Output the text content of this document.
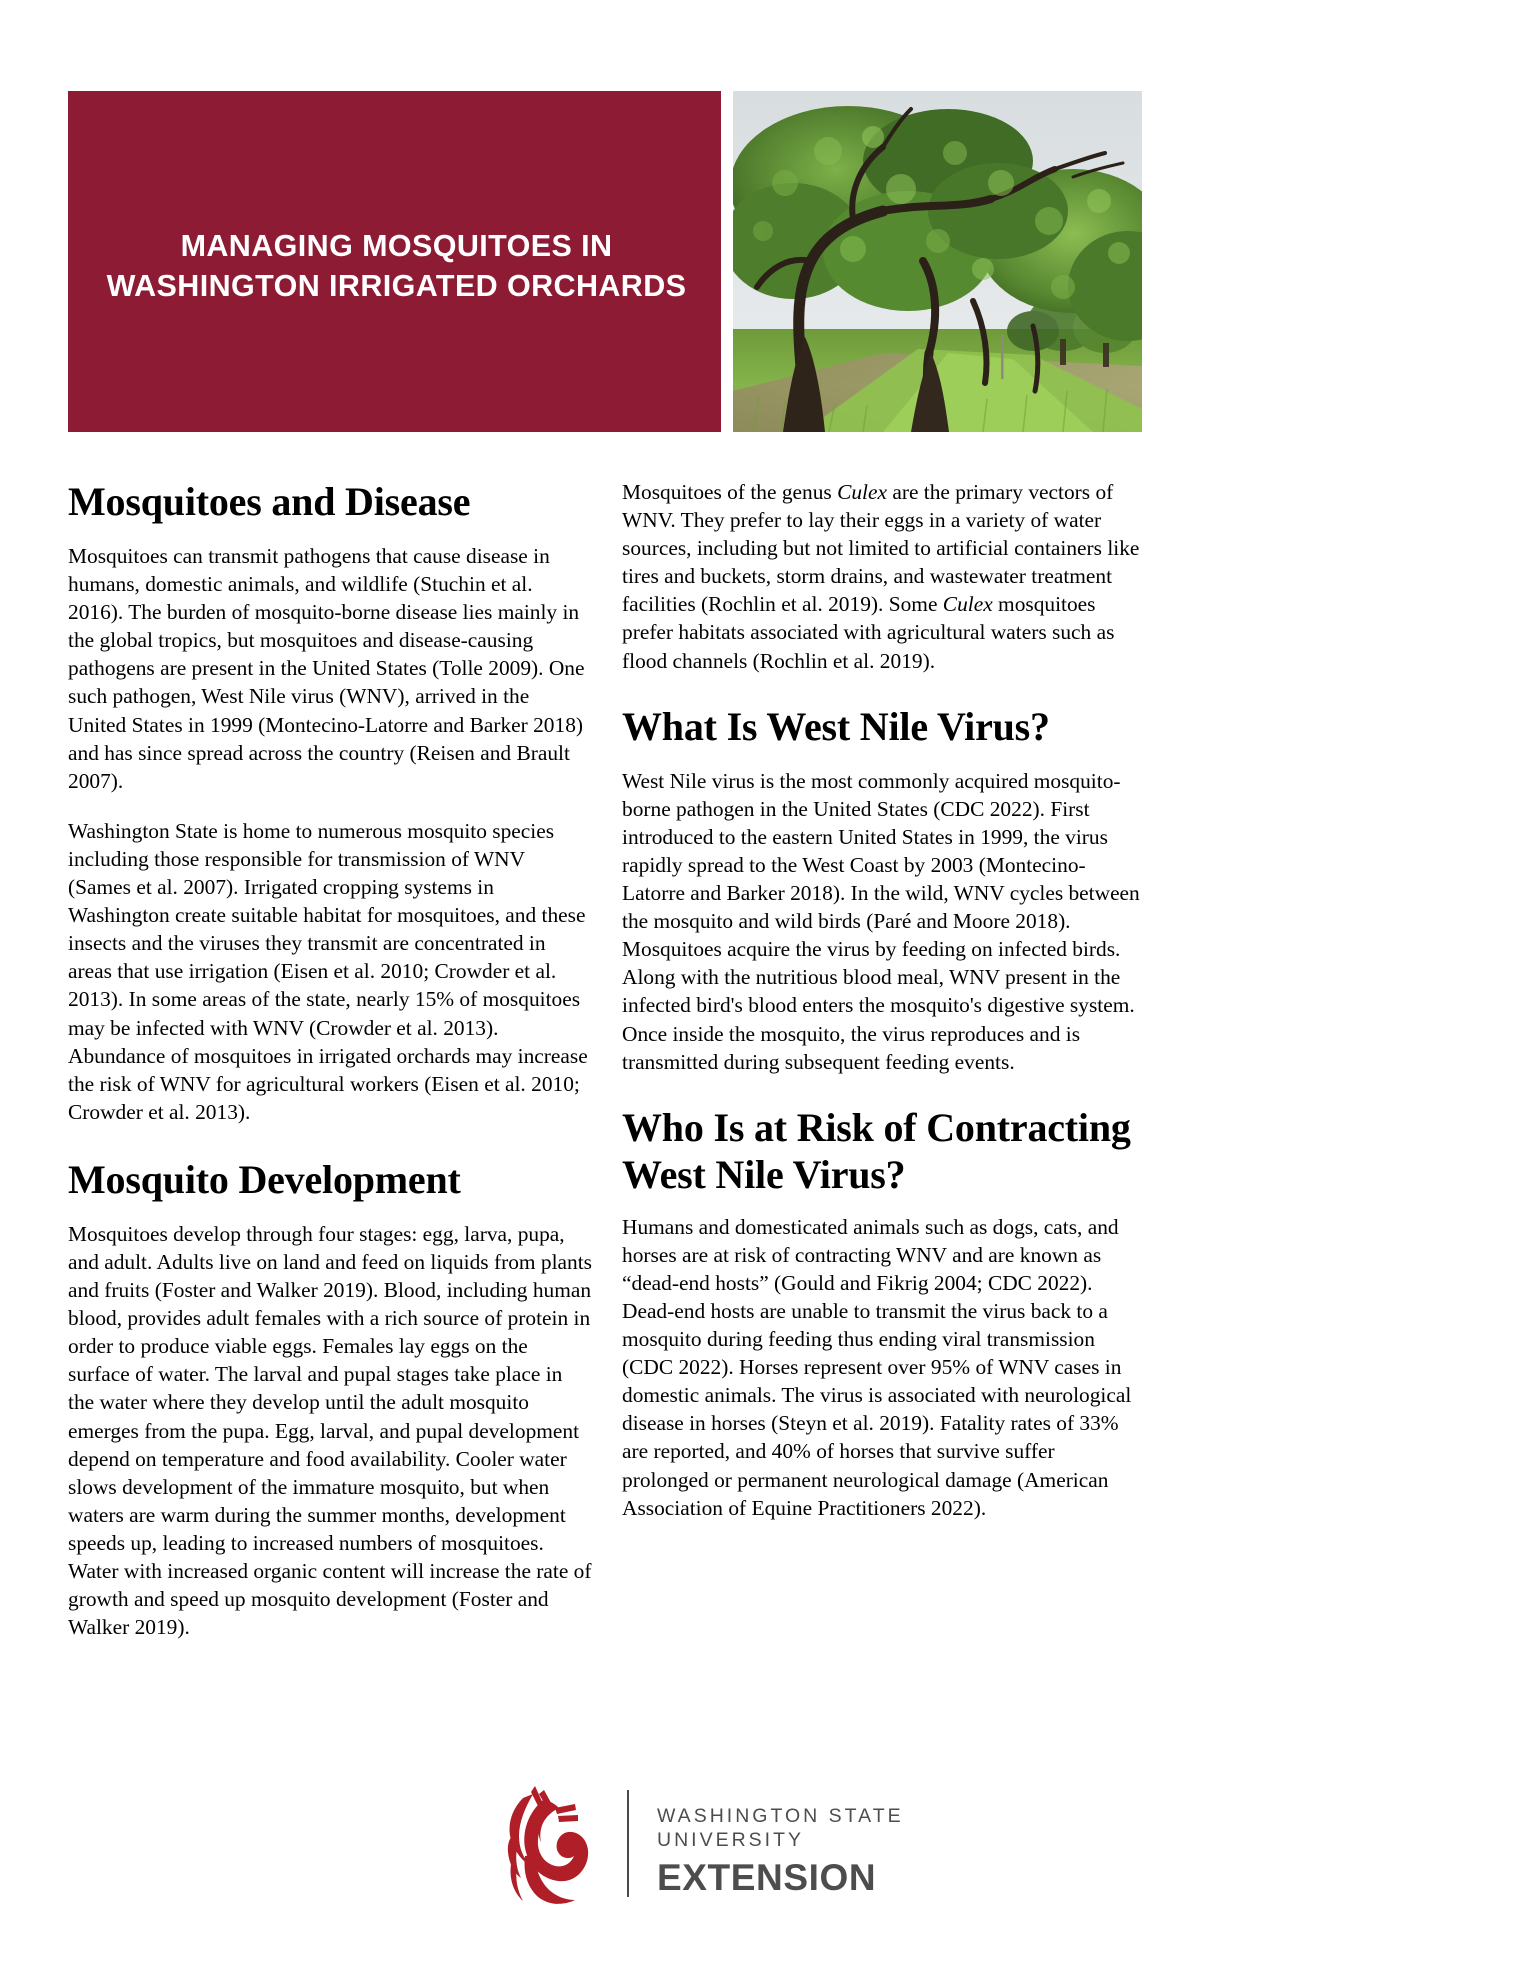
MANAGING MOSQUITOES IN WASHINGTON IRRIGATED ORCHARDS
Mosquitoes and Disease

Mosquitoes can transmit pathogens that cause disease in humans, domestic animals, and wildlife (Stuchin et al. 2016). The burden of mosquito-borne disease lies mainly in the global tropics, but mosquitoes and disease-causing pathogens are present in the United States (Tolle 2009). One such pathogen, West Nile virus (WNV), arrived in the United States in 1999 (Montecino-Latorre and Barker 2018) and has since spread across the country (Reisen and Brault 2007).

Washington State is home to numerous mosquito species including those responsible for transmission of WNV (Sames et al. 2007). Irrigated cropping systems in Washington create suitable habitat for mosquitoes, and these insects and the viruses they transmit are concentrated in areas that use irrigation (Eisen et al. 2010; Crowder et al. 2013). In some areas of the state, nearly 15% of mosquitoes may be infected with WNV (Crowder et al. 2013). Abundance of mosquitoes in irrigated orchards may increase the risk of WNV for agricultural workers (Eisen et al. 2010; Crowder et al. 2013).

Mosquito Development

Mosquitoes develop through four stages: egg, larva, pupa, and adult. Adults live on land and feed on liquids from plants and fruits (Foster and Walker 2019). Blood, including human blood, provides adult females with a rich source of protein in order to produce viable eggs. Females lay eggs on the surface of water. The larval and pupal stages take place in the water where they develop until the adult mosquito emerges from the pupa. Egg, larval, and pupal development depend on temperature and food availability. Cooler water slows development of the immature mosquito, but when waters are warm during the summer months, development speeds up, leading to increased numbers of mosquitoes. Water with increased organic content will increase the rate of growth and speed up mosquito development (Foster and Walker 2019).

Mosquitoes of the genus Culex are the primary vectors of WNV. They prefer to lay their eggs in a variety of water sources, including but not limited to artificial containers like tires and buckets, storm drains, and wastewater treatment facilities (Rochlin et al. 2019). Some Culex mosquitoes prefer habitats associated with agricultural waters such as flood channels (Rochlin et al. 2019).

What Is West Nile Virus?

West Nile virus is the most commonly acquired mosquito-borne pathogen in the United States (CDC 2022). First introduced to the eastern United States in 1999, the virus rapidly spread to the West Coast by 2003 (Montecino-Latorre and Barker 2018). In the wild, WNV cycles between the mosquito and wild birds (Paré and Moore 2018). Mosquitoes acquire the virus by feeding on infected birds. Along with the nutritious blood meal, WNV present in the infected bird's blood enters the mosquito's digestive system. Once inside the mosquito, the virus reproduces and is transmitted during subsequent feeding events.

Who Is at Risk of Contracting West Nile Virus?

Humans and domesticated animals such as dogs, cats, and horses are at risk of contracting WNV and are known as “dead-end hosts” (Gould and Fikrig 2004; CDC 2022). Dead-end hosts are unable to transmit the virus back to a mosquito during feeding thus ending viral transmission (CDC 2022). Horses represent over 95% of WNV cases in domestic animals. The virus is associated with neurological disease in horses (Steyn et al. 2019). Fatality rates of 33% are reported, and 40% of horses that survive suffer prolonged or permanent neurological damage (American Association of Equine Practitioners 2022).

WASHINGTON STATE UNIVERSITY
EXTENSION
